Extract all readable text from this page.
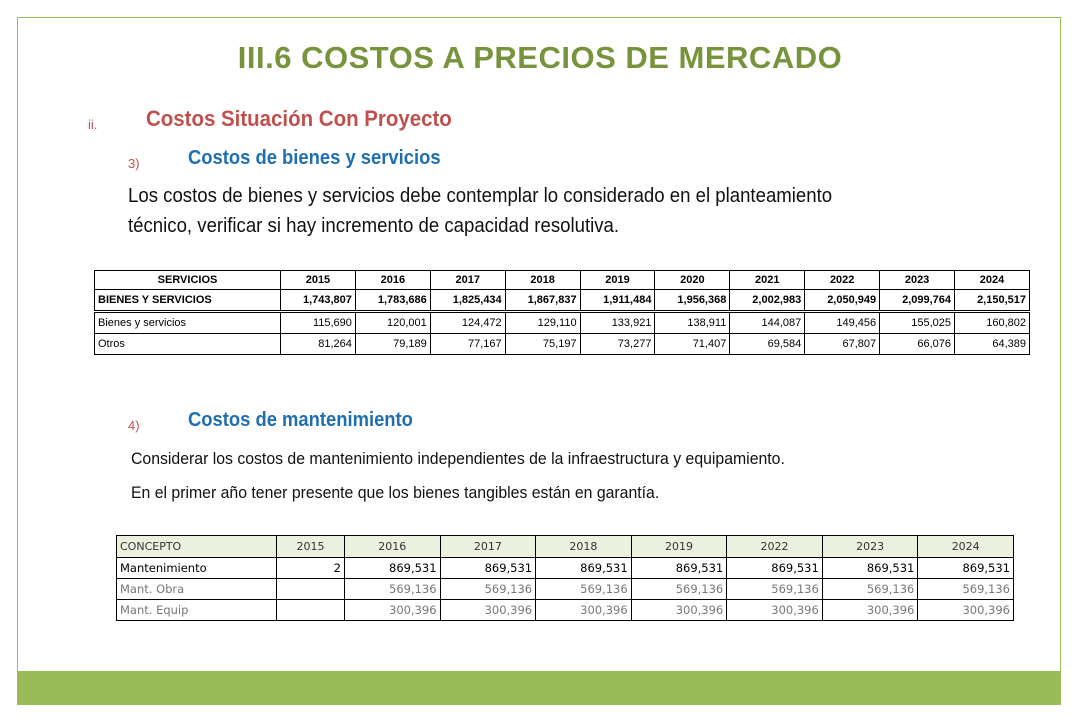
III.6 COSTOS A PRECIOS DE MERCADO
ii. Costos Situación Con Proyecto
3) Costos de bienes y servicios
Los costos de bienes y servicios debe contemplar lo considerado en el planteamiento
técnico, verificar si hay incremento de capacidad resolutiva.
SERVICIOS	2015	2016	2017	2018	2019	2020	2021	2022	2023	2024
BIENES Y SERVICIOS	1,743,807	1,783,686	1,825,434	1,867,837	1,911,484	1,956,368	2,002,983	2,050,949	2,099,764	2,150,517
Bienes y servicios	115,690	120,001	124,472	129,110	133,921	138,911	144,087	149,456	155,025	160,802
Otros	81,264	79,189	77,167	75,197	73,277	71,407	69,584	67,807	66,076	64,389
4) Costos de mantenimiento
Considerar los costos de mantenimiento independientes de la infraestructura y equipamiento.
En el primer año tener presente que los bienes tangibles están en garantía.
CONCEPTO	2015	2016	2017	2018	2019	2022	2023	2024
Mantenimiento	2	869,531	869,531	869,531	869,531	869,531	869,531	869,531
Mant. Obra		569,136	569,136	569,136	569,136	569,136	569,136	569,136
Mant. Equip		300,396	300,396	300,396	300,396	300,396	300,396	300,396
